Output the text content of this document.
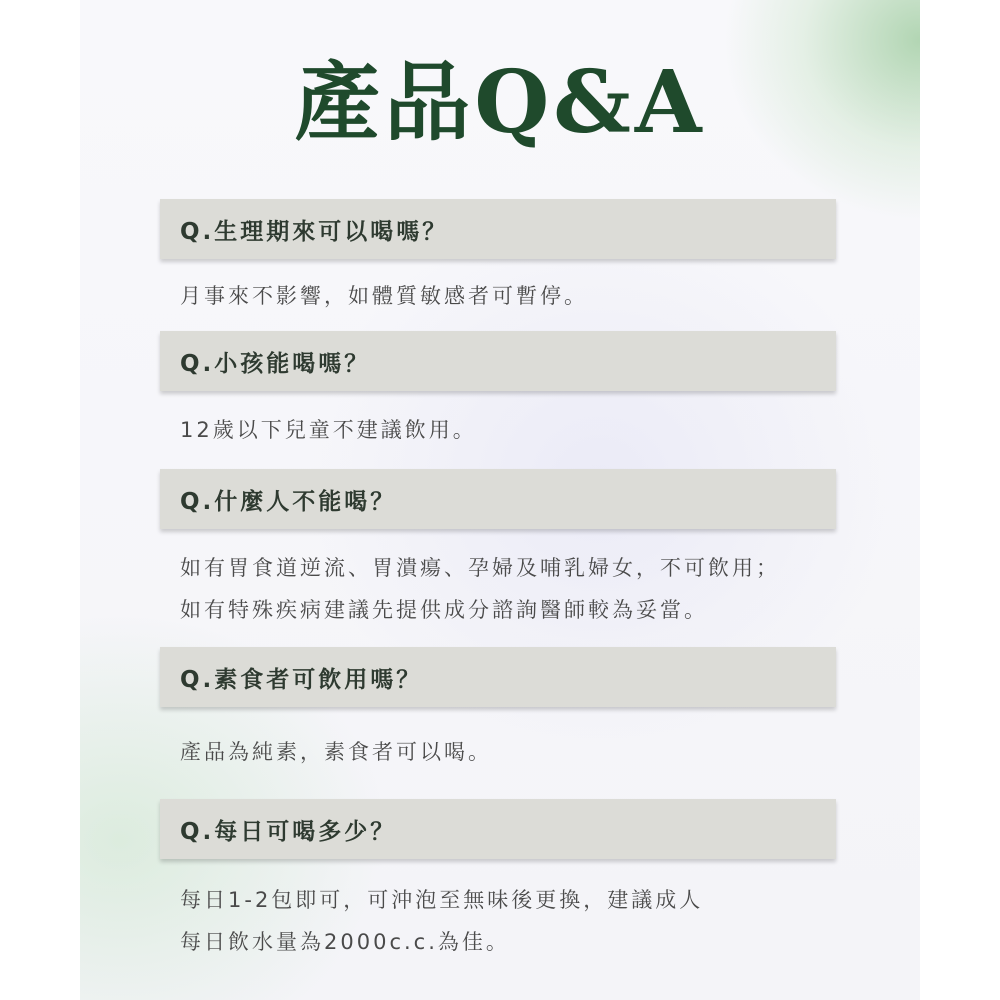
產品Q&A
Q.生理期來可以喝嗎？

月事來不影響，如體質敏感者可暫停。

Q.小孩能喝嗎？

12歲以下兒童不建議飲用。

Q.什麼人不能喝？

如有胃食道逆流、胃潰瘍、孕婦及哺乳婦女，不可飲用；

如有特殊疾病建議先提供成分諮詢醫師較為妥當。

Q.素食者可飲用嗎？

產品為純素，素食者可以喝。

Q.每日可喝多少？

每日1-2包即可，可沖泡至無味後更換，建議成人

每日飲水量為2000c.c.為佳。
